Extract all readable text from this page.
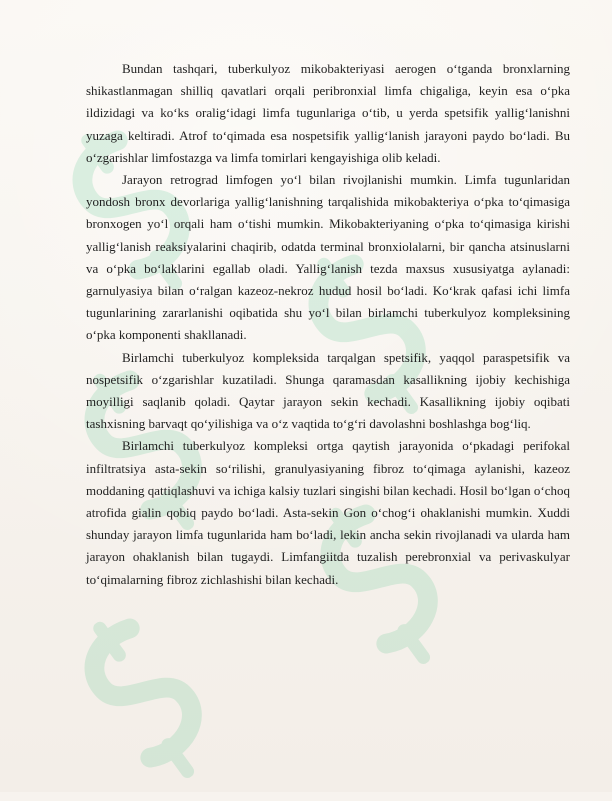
Bundan tashqari, tuberkulyoz mikobakteriyasi aerogen o‘tganda bronxlarning shikastlanmagan shilliq qavatlari orqali peribronxial limfa chigaliga, keyin esa o‘pka ildizidagi va ko‘ks oralig‘idagi limfa tugunlariga o‘tib, u yerda spetsifik yallig‘lanishni yuzaga keltiradi. Atrof to‘qimada esa nospetsifik yallig‘lanish jarayoni paydo bo‘ladi. Bu o‘zgarishlar limfostazga va limfa tomirlari kengayishiga olib keladi.

Jarayon retrograd limfogen yo‘l bilan rivojlanishi mumkin. Limfa tugunlaridan yondosh bronx devorlariga yallig‘lanishning tarqalishida mikobakteriya o‘pka to‘qimasiga bronxogen yo‘l orqali ham o‘tishi mumkin. Mikobakteriyaning o‘pka to‘qimasiga kirishi yallig‘lanish reaksiyalarini chaqirib, odatda terminal bronxiolalarni, bir qancha atsinuslarni va o‘pka bo‘laklarini egallab oladi. Yallig‘lanish tezda maxsus xususiyatga aylanadi: garnulyasiya bilan o‘ralgan kazeoz-nekroz hudud hosil bo‘ladi. Ko‘krak qafasi ichi limfa tugunlarining zararlanishi oqibatida shu yo‘l bilan birlamchi tuberkulyoz kompleksining o‘pka komponenti shakllanadi.

Birlamchi tuberkulyoz kompleksida tarqalgan spetsifik, yaqqol paraspetsifik va nospetsifik o‘zgarishlar kuzatiladi. Shunga qaramasdan kasallikning ijobiy kechishiga moyilligi saqlanib qoladi. Qaytar jarayon sekin kechadi. Kasallikning ijobiy oqibati tashxisning barvaqt qo‘yilishiga va o‘z vaqtida to‘g‘ri davolashni boshlashga bog‘liq.

Birlamchi tuberkulyoz kompleksi ortga qaytish jarayonida o‘pkadagi perifokal infiltratsiya asta-sekin so‘rilishi, granulyasiyaning fibroz to‘qimaga aylanishi, kazeoz moddaning qattiqlashuvi va ichiga kalsiy tuzlari singishi bilan kechadi. Hosil bo‘lgan o‘choq atrofida gialin qobiq paydo bo‘ladi. Asta-sekin Gon o‘chog‘i ohaklanishi mumkin. Xuddi shunday jarayon limfa tugunlarida ham bo‘ladi, lekin ancha sekin rivojlanadi va ularda ham jarayon ohaklanish bilan tugaydi. Limfangiitda tuzalish perebronxial va perivaskulyar to‘qimalarning fibroz zichlashishi bilan kechadi.
